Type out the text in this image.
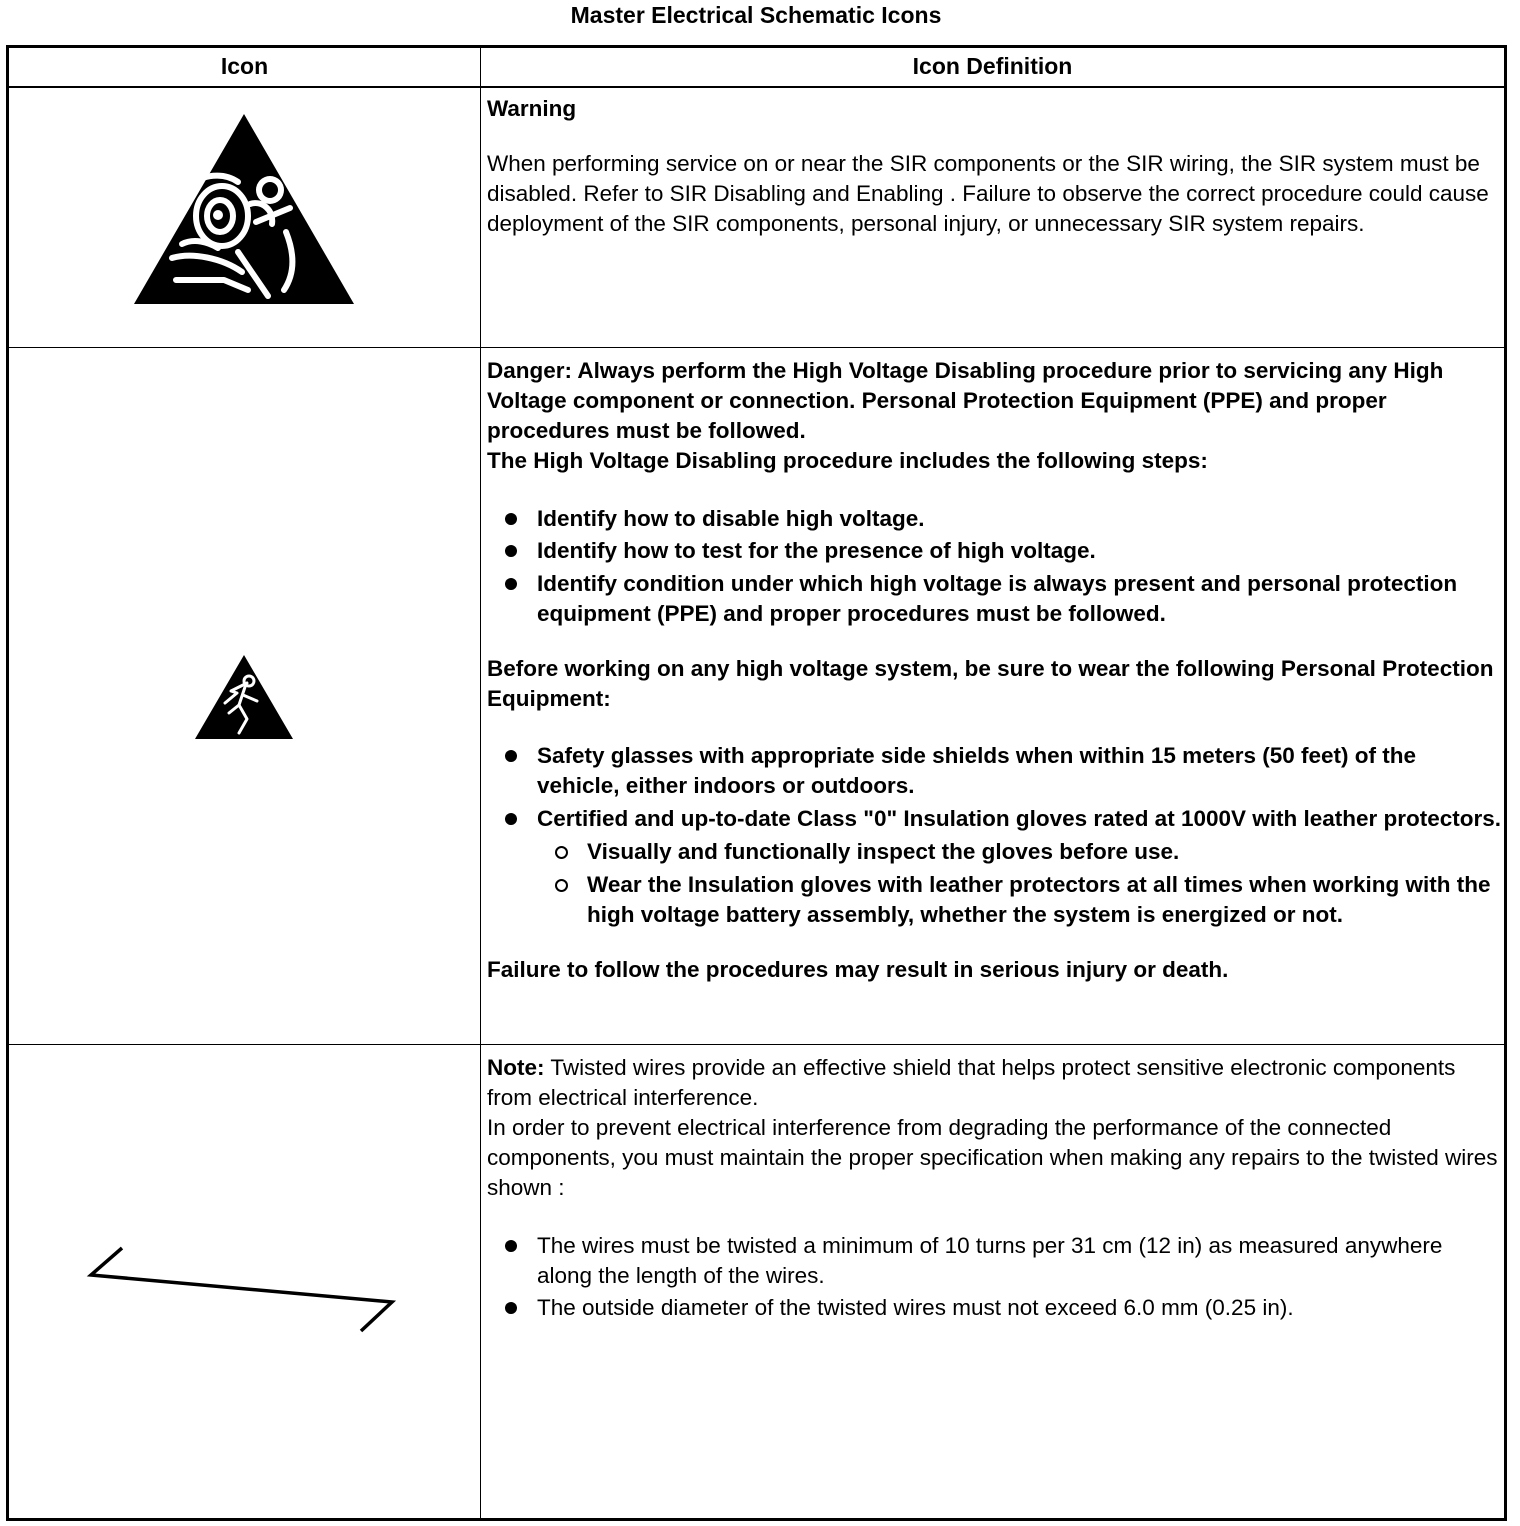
Master Electrical Schematic Icons
Icon	Icon Definition

Warning

When performing service on or near the SIR components or the SIR wiring, the SIR system must be disabled. Refer to SIR Disabling and Enabling . Failure to observe the correct procedure could cause deployment of the SIR components, personal injury, or unnecessary SIR system repairs.

Danger: Always perform the High Voltage Disabling procedure prior to servicing any High Voltage component or connection. Personal Protection Equipment (PPE) and proper procedures must be followed.

The High Voltage Disabling procedure includes the following steps:

Identify how to disable high voltage.
Identify how to test for the presence of high voltage.
Identify condition under which high voltage is always present and personal protection equipment (PPE) and proper procedures must be followed.

Before working on any high voltage system, be sure to wear the following Personal Protection Equipment:

Safety glasses with appropriate side shields when within 15 meters (50 feet) of the vehicle, either indoors or outdoors.
Certified and up-to-date Class "0" Insulation gloves rated at 1000V with leather protectors.
Visually and functionally inspect the gloves before use.
Wear the Insulation gloves with leather protectors at all times when working with the high voltage battery assembly, whether the system is energized or not.

Failure to follow the procedures may result in serious injury or death.

Note: Twisted wires provide an effective shield that helps protect sensitive electronic components from electrical interference.

In order to prevent electrical interference from degrading the performance of the connected components, you must maintain the proper specification when making any repairs to the twisted wires shown :

The wires must be twisted a minimum of 10 turns per 31 cm (12 in) as measured anywhere along the length of the wires.
The outside diameter of the twisted wires must not exceed 6.0 mm (0.25 in).
